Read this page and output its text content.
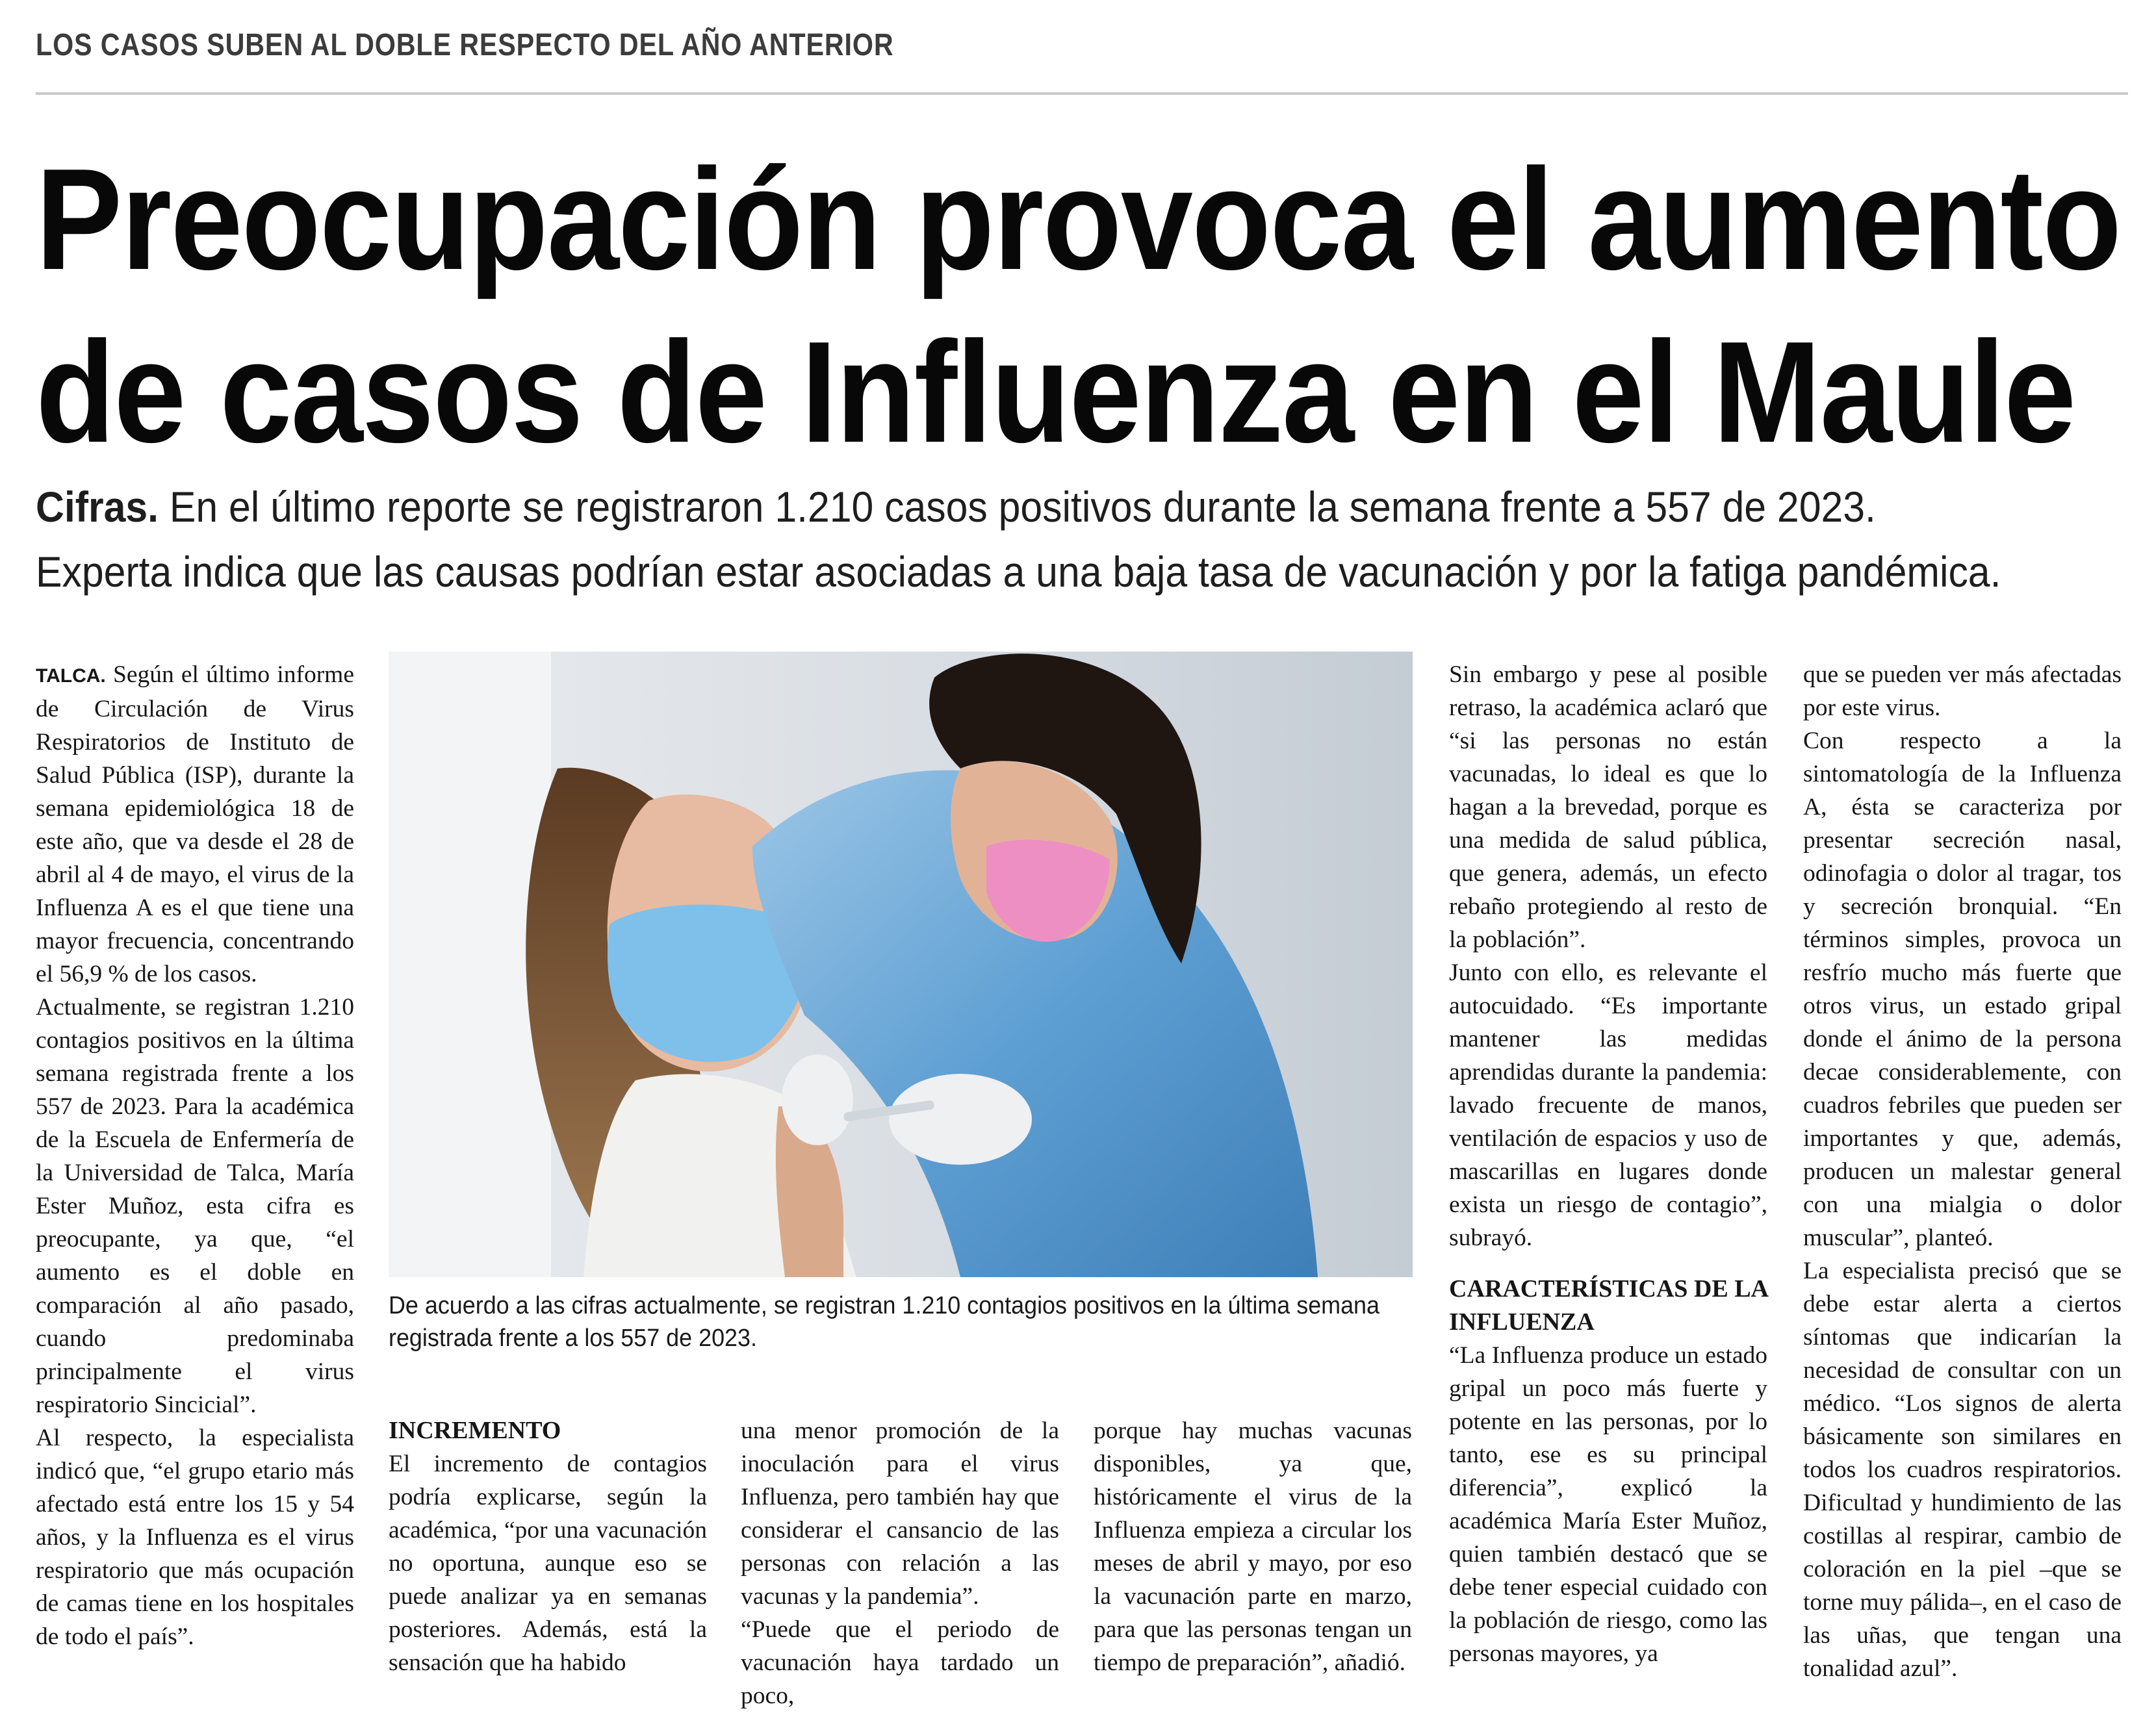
LOS CASOS SUBEN AL DOBLE RESPECTO DEL AÑO ANTERIOR
Preocupación provoca el aumento
de casos de Influenza en el Maule
Cifras. En el último reporte se registraron 1.210 casos positivos durante la semana frente a 557 de 2023.
Experta indica que las causas podrían estar asociadas a una baja tasa de vacunación y por la fatiga pandémica.

TALCA. Según el último informe de Circulación de Virus Respiratorios de Instituto de Salud Pública (ISP), durante la semana epidemiológica 18 de este año, que va desde el 28 de abril al 4 de mayo, el virus de la Influenza A es el que tiene una mayor frecuencia, concentrando el 56,9 % de los casos.

Actualmente, se registran 1.210 contagios positivos en la última semana registrada frente a los 557 de 2023. Para la académica de la Escuela de Enfermería de la Universidad de Talca, María Ester Muñoz, esta cifra es preocupante, ya que, “el aumento es el doble en comparación al año pasado, cuando predominaba principalmente el virus respiratorio Sincicial”.

Al respecto, la especialista indicó que, “el grupo etario más afectado está entre los 15 y 54 años, y la Influenza es el virus respiratorio que más ocupación de camas tiene en los hospitales de todo el país”.

De acuerdo a las cifras actualmente, se registran 1.210 contagios positivos en la última semana registrada frente a los 557 de 2023.

INCREMENTO

El incremento de contagios podría explicarse, según la académica, “por una vacunación no oportuna, aunque eso se puede analizar ya en semanas posteriores. Además, está la sensación que ha habido

una menor promoción de la inoculación para el virus Influenza, pero también hay que considerar el cansancio de las personas con relación a las vacunas y la pandemia”.

“Puede que el periodo de vacunación haya tardado un poco,

porque hay muchas vacunas disponibles, ya que, históricamente el virus de la Influenza empieza a circular los meses de abril y mayo, por eso la vacunación parte en marzo, para que las personas tengan un tiempo de preparación”, añadió.

Sin embargo y pese al posible retraso, la académica aclaró que “si las personas no están vacunadas, lo ideal es que lo hagan a la brevedad, porque es una medida de salud pública, que genera, además, un efecto rebaño protegiendo al resto de la población”.

Junto con ello, es relevante el autocuidado. “Es importante mantener las medidas aprendidas durante la pandemia: lavado frecuente de manos, ventilación de espacios y uso de mascarillas en lugares donde exista un riesgo de contagio”, subrayó.

CARACTERÍSTICAS DE LA INFLUENZA

“La Influenza produce un estado gripal un poco más fuerte y potente en las personas, por lo tanto, ese es su principal diferencia”, explicó la académica María Ester Muñoz, quien también destacó que se debe tener especial cuidado con la población de riesgo, como las personas mayores, ya

que se pueden ver más afectadas por este virus.

Con respecto a la sintomatología de la Influenza A, ésta se caracteriza por presentar secreción nasal, odinofagia o dolor al tragar, tos y secreción bronquial. “En términos simples, provoca un resfrío mucho más fuerte que otros virus, un estado gripal donde el ánimo de la persona decae considerablemente, con cuadros febriles que pueden ser importantes y que, además, producen un malestar general con una mialgia o dolor muscular”, planteó.

La especialista precisó que se debe estar alerta a ciertos síntomas que indicarían la necesidad de consultar con un médico. “Los signos de alerta básicamente son similares en todos los cuadros respiratorios. Dificultad y hundimiento de las costillas al respirar, cambio de coloración en la piel –que se torne muy pálida–, en el caso de las uñas, que tengan una tonalidad azul”.
